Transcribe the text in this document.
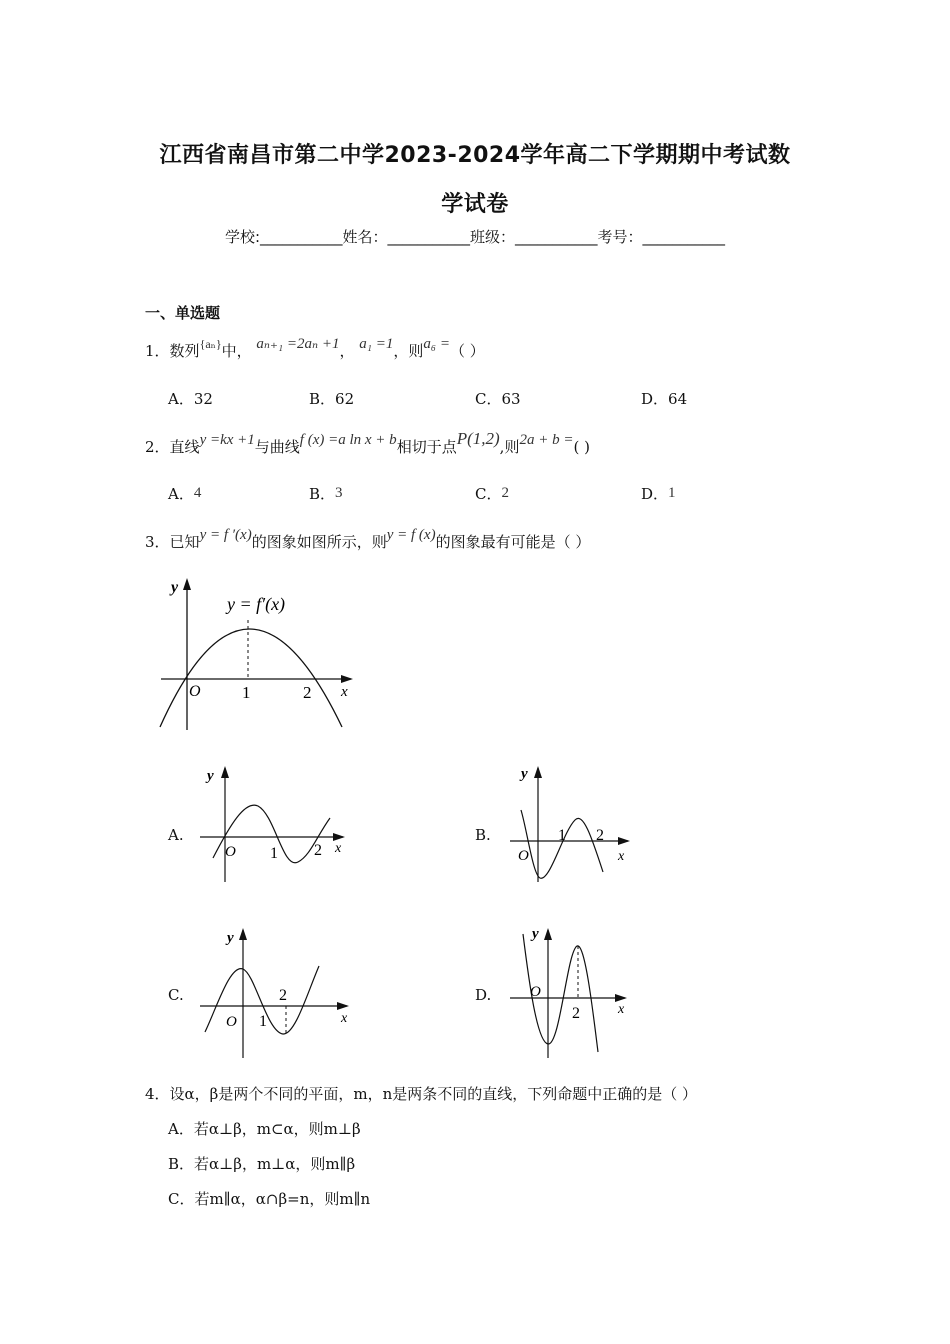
江西省南昌市第二中学2023-2024学年高二下学期期中考试数
学试卷
学校:___________姓名：___________班级：___________考号：___________
一、单选题
1．数列$^{\{a_n\}}$中， aₙ₊₁ =2aₙ +1， a₁ =1，则a₆ =（ ）
A．32	B．62	C．63	D．64
2．直线y =kx +1与曲线f (x) =a ln x + b相切于点P(1,2),则2a + b =( )
A．4	B．3	C．2	D．1
3．已知y = f ′(x)的图象如图所示，则y = f (x)的图象最有可能是（ ）
y
y = f′(x)
O 1	2 x
A.
y
O 1 2 x
B.
y
O
1 2
x
C.
y
O 1
2
x
D.
y
O
2	x
4．设α，β是两个不同的平面，m，n是两条不同的直线，下列命题中正确的是（ ）
A．若α⊥β，m⊂α，则m⊥β
B．若α⊥β，m⊥α，则m∥β
C．若m∥α，α∩β=n，则m∥n
